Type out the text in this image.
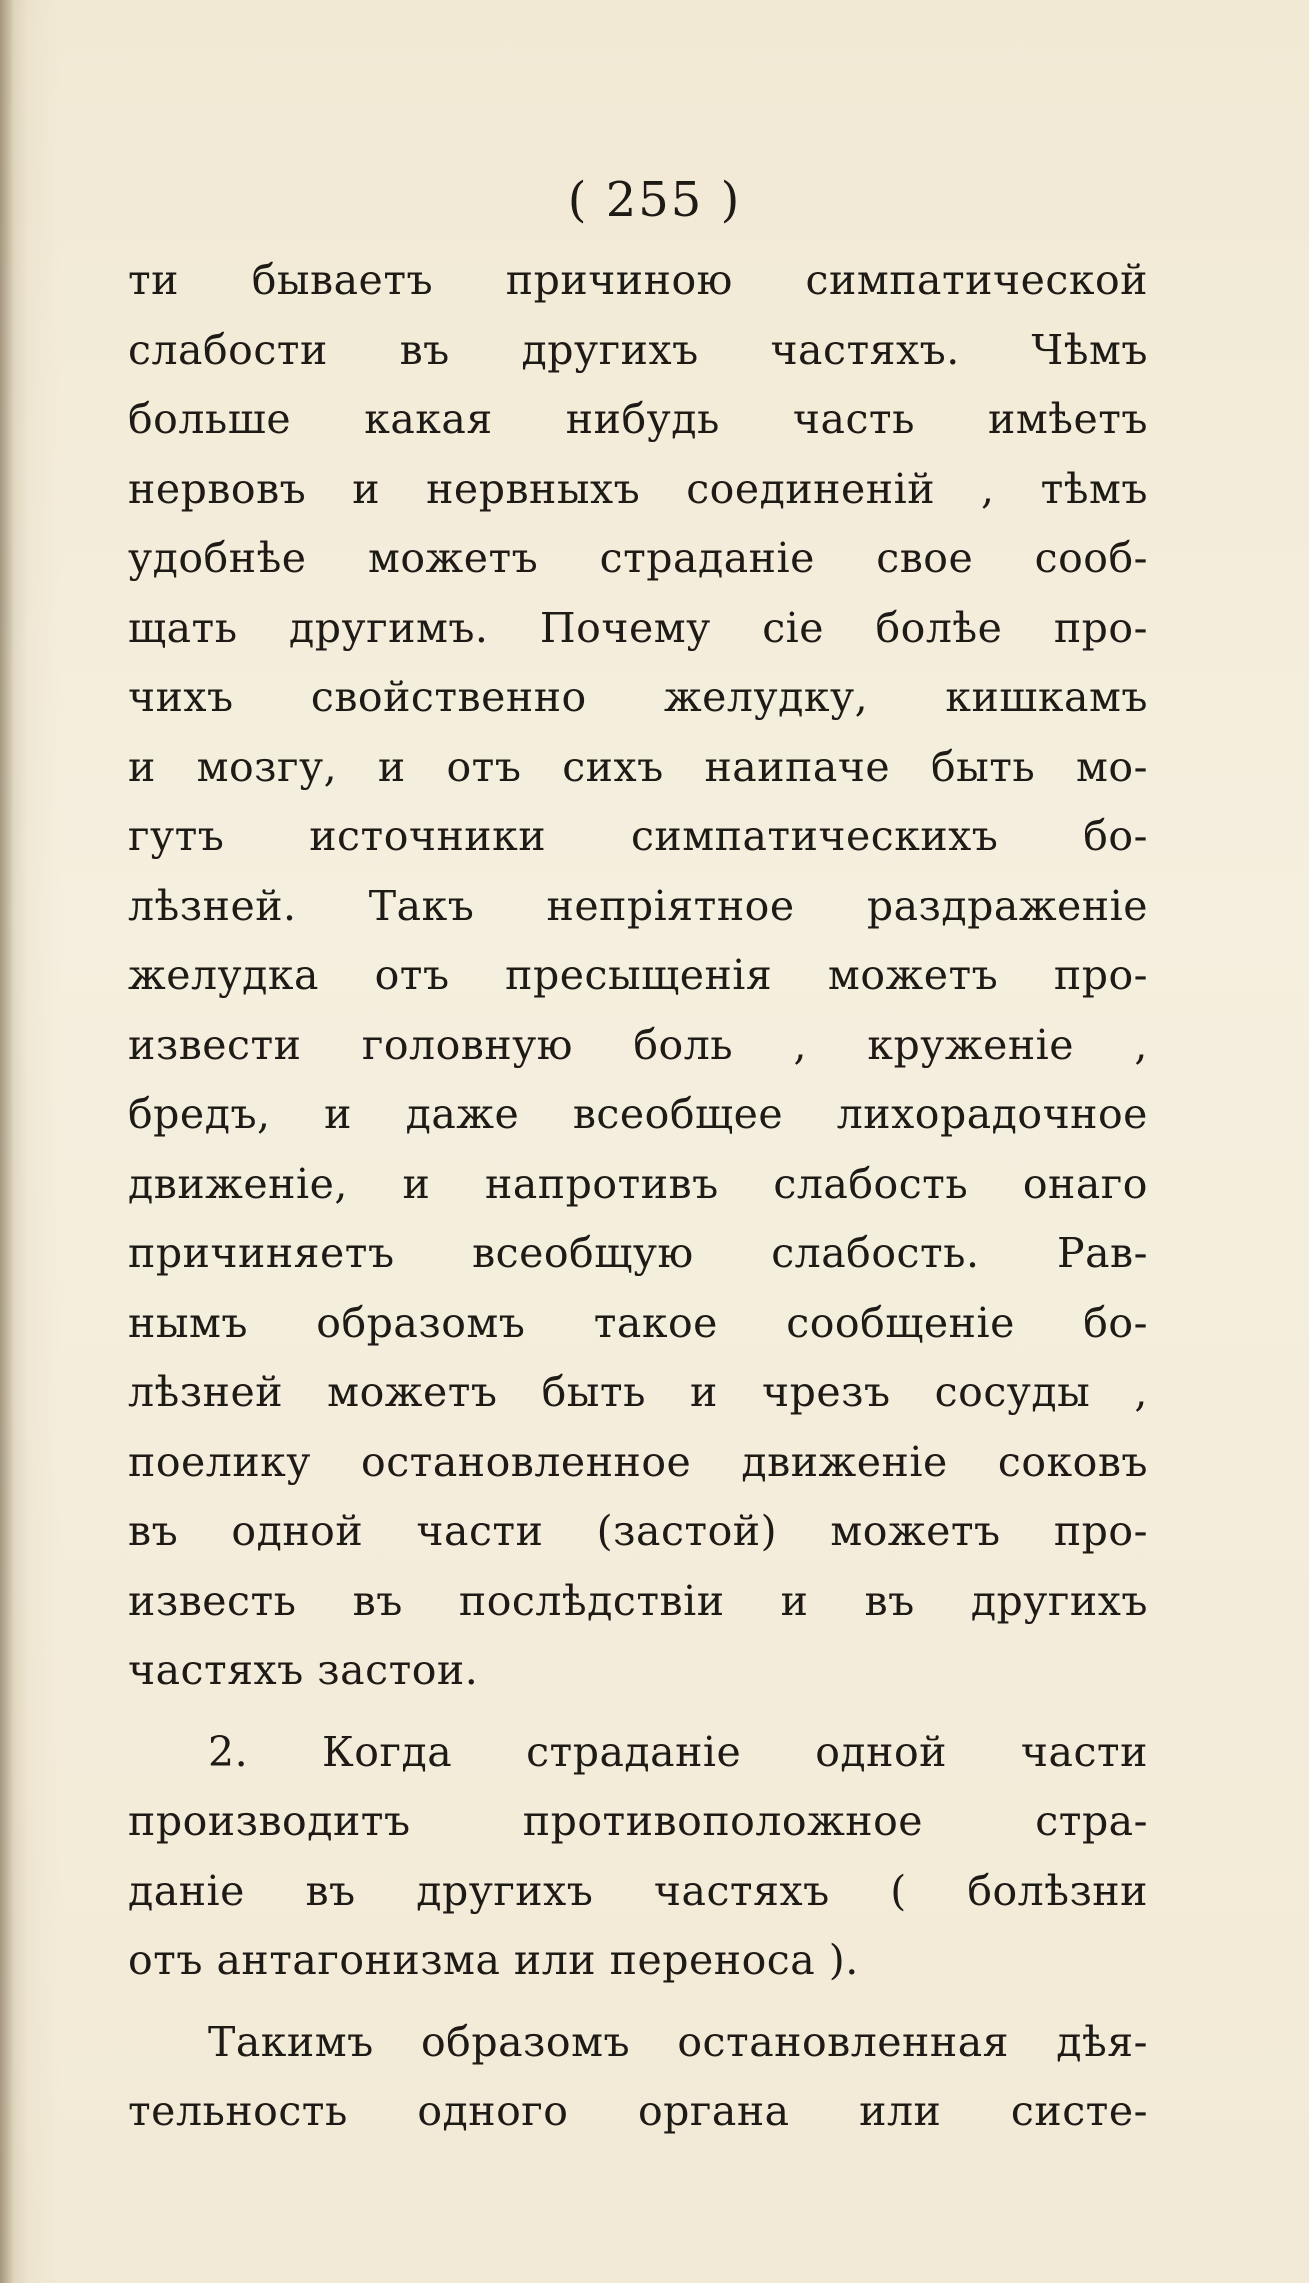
( 255 )
ти бываетъ причиною симпатической
слабости въ другихъ частяхъ. Чѣмъ
больше какая нибудь часть имѣетъ
нервовъ и нервныхъ соединенiй , тѣмъ
удобнѣе можетъ страданiе свое сооб-
щать другимъ. Почему сiе болѣе про-
чихъ свойственно желудку, кишкамъ
и мозгу, и отъ сихъ наипаче быть мо-
гутъ источники симпатическихъ бо-
лѣзней. Такъ непрiятное раздраженiе
желудка отъ пресыщенiя можетъ про-
извести головную боль , круженiе ,
бредъ, и даже всеобщее лихорадочное
движенiе, и напротивъ слабость онаго
причиняетъ всеобщую слабость. Рав-
нымъ образомъ такое сообщенiе бо-
лѣзней можетъ быть и чрезъ сосуды ,
поелику остановленное движенiе соковъ
въ одной части (застой) можетъ про-
известь въ послѣдствiи и въ другихъ
частяхъ застои.
2. Когда страданiе одной части
производитъ	противоположное	стра-
данiе въ другихъ частяхъ ( болѣзни
отъ антагонизма или переноса ).
Такимъ образомъ остановленная дѣя-
тельность одного органа или систе-
